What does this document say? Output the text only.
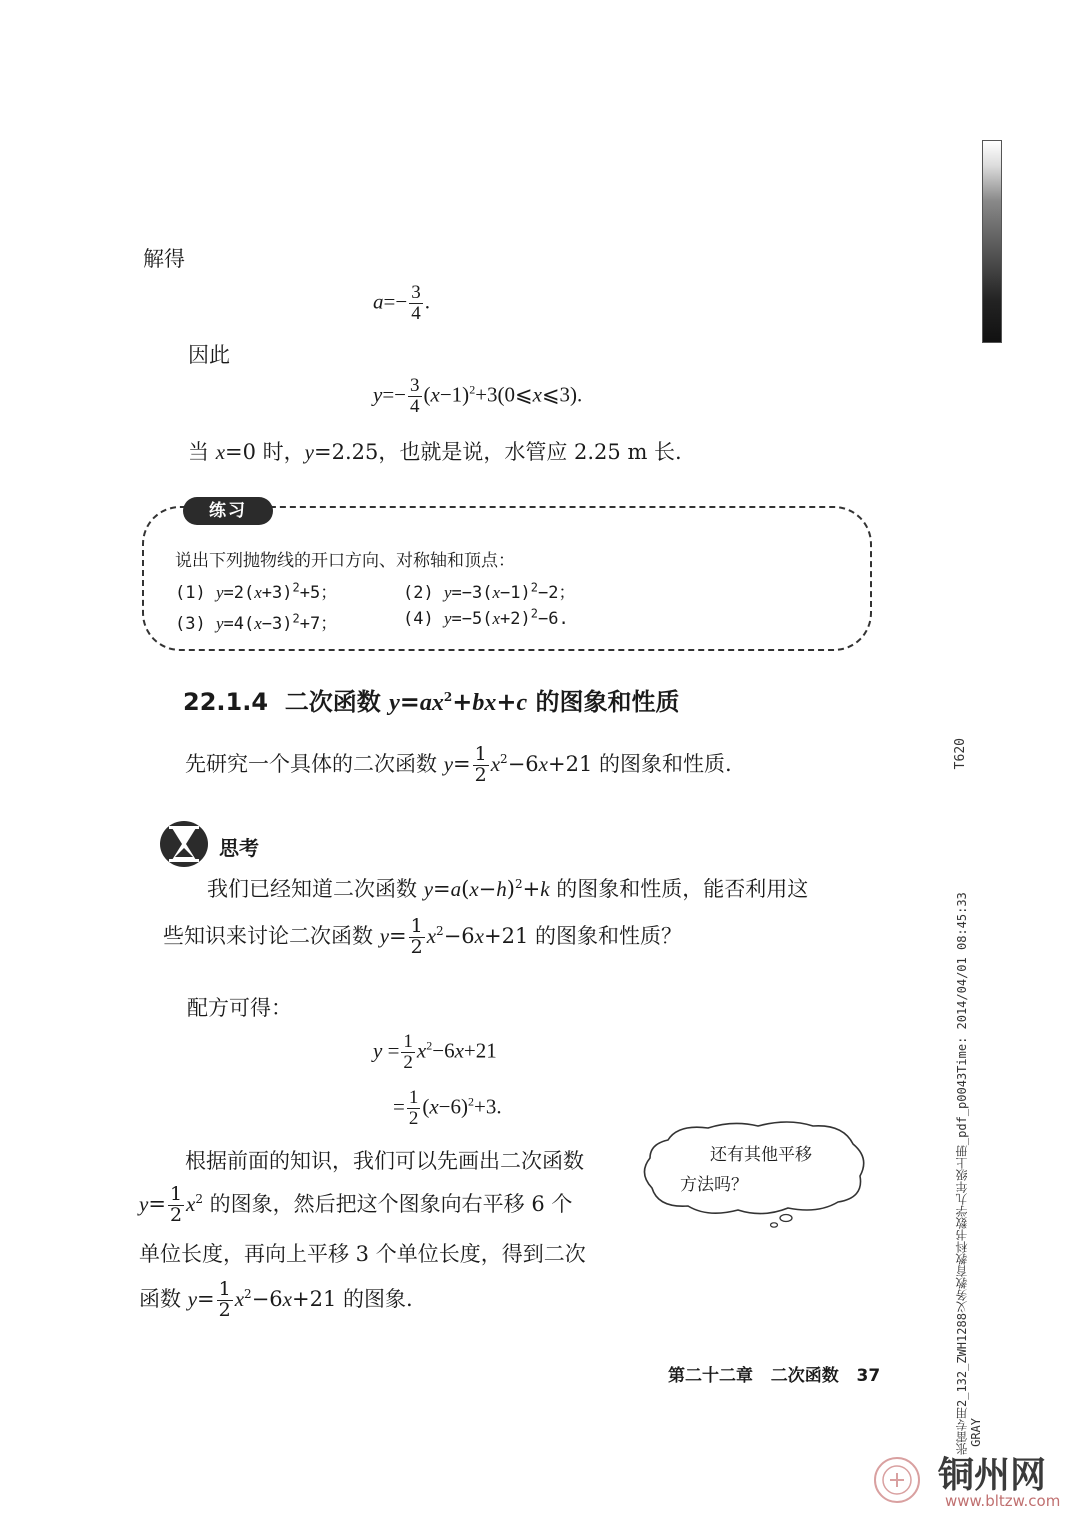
解得
$a=- \frac{3}{4}$ .
因此
$y=- \frac{3}{4}$ $(x-1)^2+3(0⩽x⩽3)$.
当 x=0 时，y=2.25，也就是说，水管应 2.25 m 长.
练习
说出下列抛物线的开口方向、对称轴和顶点：
(1) $y=2(x+3)^2+5$；	(2) $y=-3(x-1)^2-2$；
(3) $y=4(x-3)^2+7$；	(4) $y=-5(x+2)^2-6$.
22.1.4 二次函数 $y=ax^2+bx+c$ 的图象和性质
先研究一个具体的二次函数 $y= \frac{1}{2} x^2-6x+21$ 的图象和性质.
思考
我们已经知道二次函数 $y=a(x-h)^2+k$ 的图象和性质，能否利用这
些知识来讨论二次函数 $y= \frac{1}{2} x^2-6x+21$ 的图象和性质？
配方可得：
$y = \frac{1}{2} x^2-6x+21$
= $\frac{1}{2} (x-6)^2+3$.
根据前面的知识，我们可以先画出二次函数
$y= \frac{1}{2} x^2$ 的图象，然后把这个图象向右平移 6 个
单位长度，再向上平移 3 个单位长度，得到二次
函数 $y= \frac{1}{2} x^2-6x+21$ 的图象.
还有其他平移
方法吗？
第二十二章 二次函数 37
T620
张雷专用2_132_ZWH1288义务教育教科书数学九年级上册_pdf_p0043Time: 2014/04/01 08:45:33 GRAY
铜州网
www.bltzw.com
